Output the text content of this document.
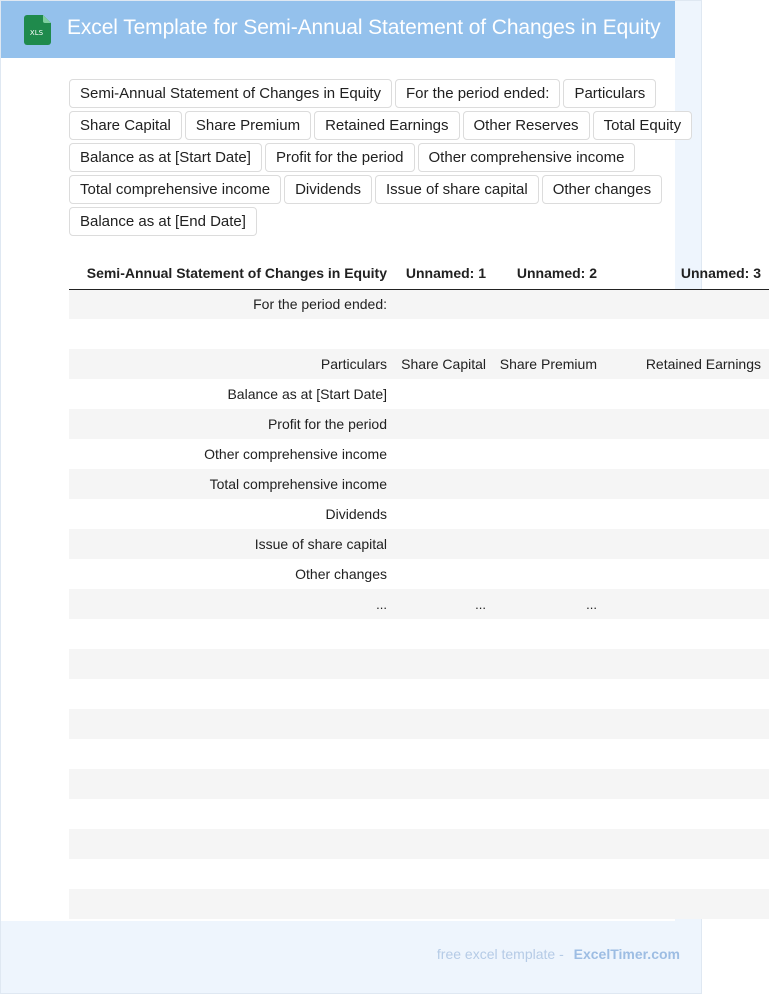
XLS Excel Template for Semi-Annual Statement of Changes in Equity
Semi-Annual Statement of Changes in Equity	For the period ended:	Particulars
Share Capital	Share Premium	Retained Earnings	Other Reserves	Total Equity
Balance as at [Start Date]	Profit for the period	Other comprehensive income
Total comprehensive income	Dividends	Issue of share capital	Other changes
Balance as at [End Date]
	Semi-Annual Statement of Changes in Equity	Unnamed: 1	Unnamed: 2	Unnamed: 3
	For the period ended:			

	Particulars	Share Capital	Share Premium	Retained Earnings
	Balance as at [Start Date]			
	Profit for the period			
	Other comprehensive income			
	Total comprehensive income			
	Dividends			
	Issue of share capital			
	Other changes			
	...	...	...	

free excel template - ExcelTimer.com
